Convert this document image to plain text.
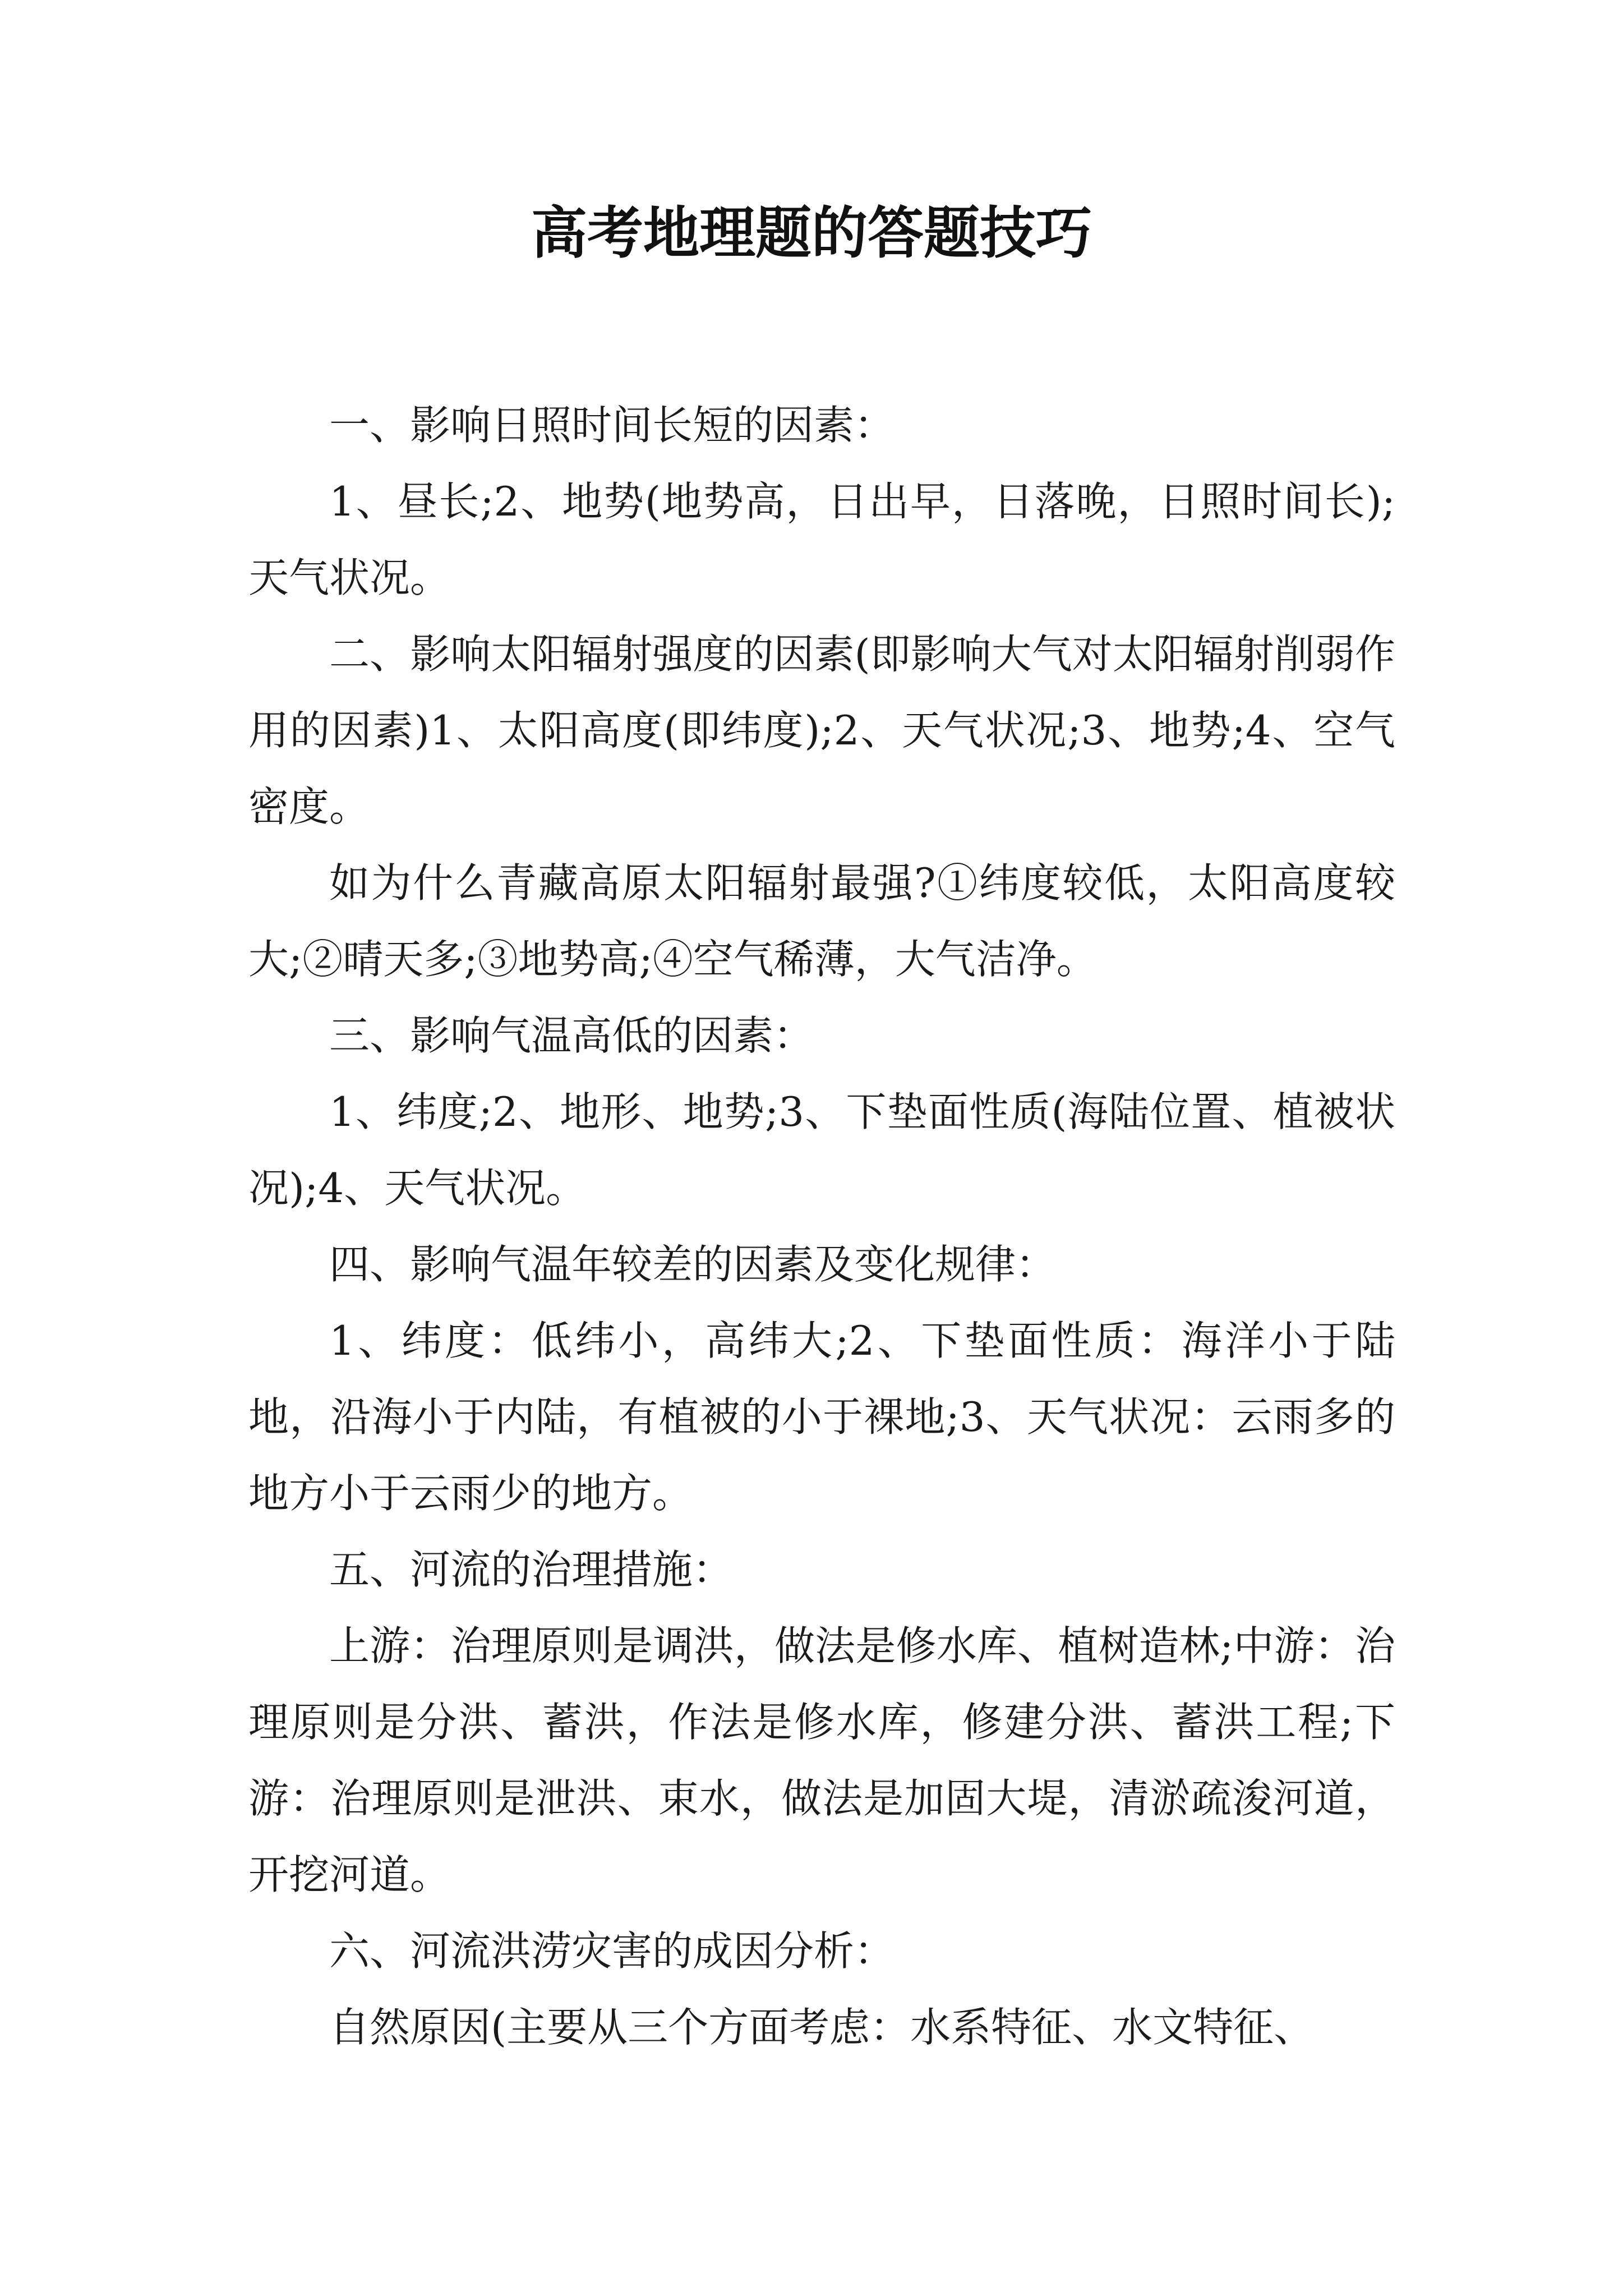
高考地理题的答题技巧

一、影响日照时间长短的因素：

1、昼长;2、地势(地势高，日出早，日落晚，日照时间长);天气状况。

二、影响太阳辐射强度的因素(即影响大气对太阳辐射削弱作用的因素)1、太阳高度(即纬度);2、天气状况;3、地势;4、空气密度。

如为什么青藏高原太阳辐射最强?①纬度较低，太阳高度较大;②晴天多;③地势高;④空气稀薄，大气洁净。

三、影响气温高低的因素：

1、纬度;2、地形、地势;3、下垫面性质(海陆位置、植被状况);4、天气状况。

四、影响气温年较差的因素及变化规律：

1、纬度：低纬小，高纬大;2、下垫面性质：海洋小于陆地，沿海小于内陆，有植被的小于裸地;3、天气状况：云雨多的地方小于云雨少的地方。

五、河流的治理措施：

上游：治理原则是调洪，做法是修水库、植树造林;中游：治理原则是分洪、蓄洪，作法是修水库，修建分洪、蓄洪工程;下游：治理原则是泄洪、束水，做法是加固大堤，清淤疏浚河道，开挖河道。

六、河流洪涝灾害的成因分析：

自然原因(主要从三个方面考虑：水系特征、水文特征、
